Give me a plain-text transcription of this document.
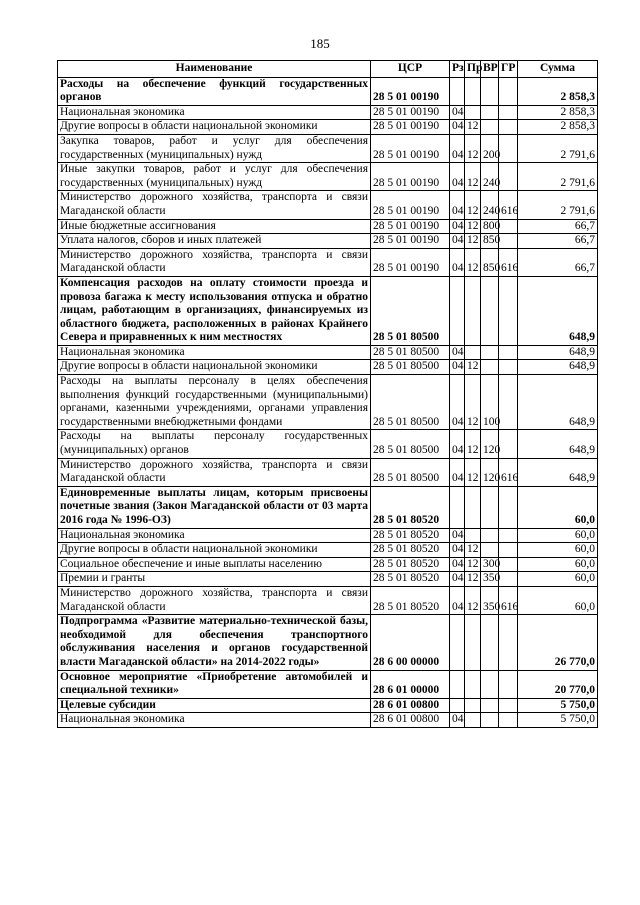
185
Наименование	ЦСР	Рз	Пр	ВР	ГР	Сумма
Расходы на обеспечение функций государственных органов	28 5 01 00190					2 858,3
Национальная экономика	28 5 01 00190	04				2 858,3
Другие вопросы в области национальной экономики	28 5 01 00190	04	12			2 858,3
Закупка товаров, работ и услуг для обеспечения государственных (муниципальных) нужд	28 5 01 00190	04	12	200		2 791,6
Иные закупки товаров, работ и услуг для обеспечения государственных (муниципальных) нужд	28 5 01 00190	04	12	240		2 791,6
Министерство дорожного хозяйства, транспорта и связи Магаданской области	28 5 01 00190	04	12	240	616	2 791,6
Иные бюджетные ассигнования	28 5 01 00190	04	12	800		66,7
Уплата налогов, сборов и иных платежей	28 5 01 00190	04	12	850		66,7
Министерство дорожного хозяйства, транспорта и связи Магаданской области	28 5 01 00190	04	12	850	616	66,7
Компенсация расходов на оплату стоимости проезда и провоза багажа к месту использования отпуска и обратно лицам, работающим в организациях, финансируемых из областного бюджета, расположенных в районах Крайнего Севера и приравненных к ним местностях	28 5 01 80500					648,9
Национальная экономика	28 5 01 80500	04				648,9
Другие вопросы в области национальной экономики	28 5 01 80500	04	12			648,9
Расходы на выплаты персоналу в целях обеспечения выполнения функций государственными (муниципальными) органами, казенными учреждениями, органами управления государственными внебюджетными фондами	28 5 01 80500	04	12	100		648,9
Расходы на выплаты персоналу государственных (муниципальных) органов	28 5 01 80500	04	12	120		648,9
Министерство дорожного хозяйства, транспорта и связи Магаданской области	28 5 01 80500	04	12	120	616	648,9
Единовременные выплаты лицам, которым присвоены почетные звания (Закон Магаданской области от 03 марта 2016 года № 1996-ОЗ)	28 5 01 80520					60,0
Национальная экономика	28 5 01 80520	04				60,0
Другие вопросы в области национальной экономики	28 5 01 80520	04	12			60,0
Социальное обеспечение и иные выплаты населению	28 5 01 80520	04	12	300		60,0
Премии и гранты	28 5 01 80520	04	12	350		60,0
Министерство дорожного хозяйства, транспорта и связи Магаданской области	28 5 01 80520	04	12	350	616	60,0
Подпрограмма «Развитие материально-технической базы, необходимой для обеспечения транспортного обслуживания населения и органов государственной власти Магаданской области» на 2014-2022 годы»	28 6 00 00000					26 770,0
Основное мероприятие «Приобретение автомобилей и специальной техники»	28 6 01 00000					20 770,0
Целевые субсидии	28 6 01 00800					5 750,0
Национальная экономика	28 6 01 00800	04				5 750,0
